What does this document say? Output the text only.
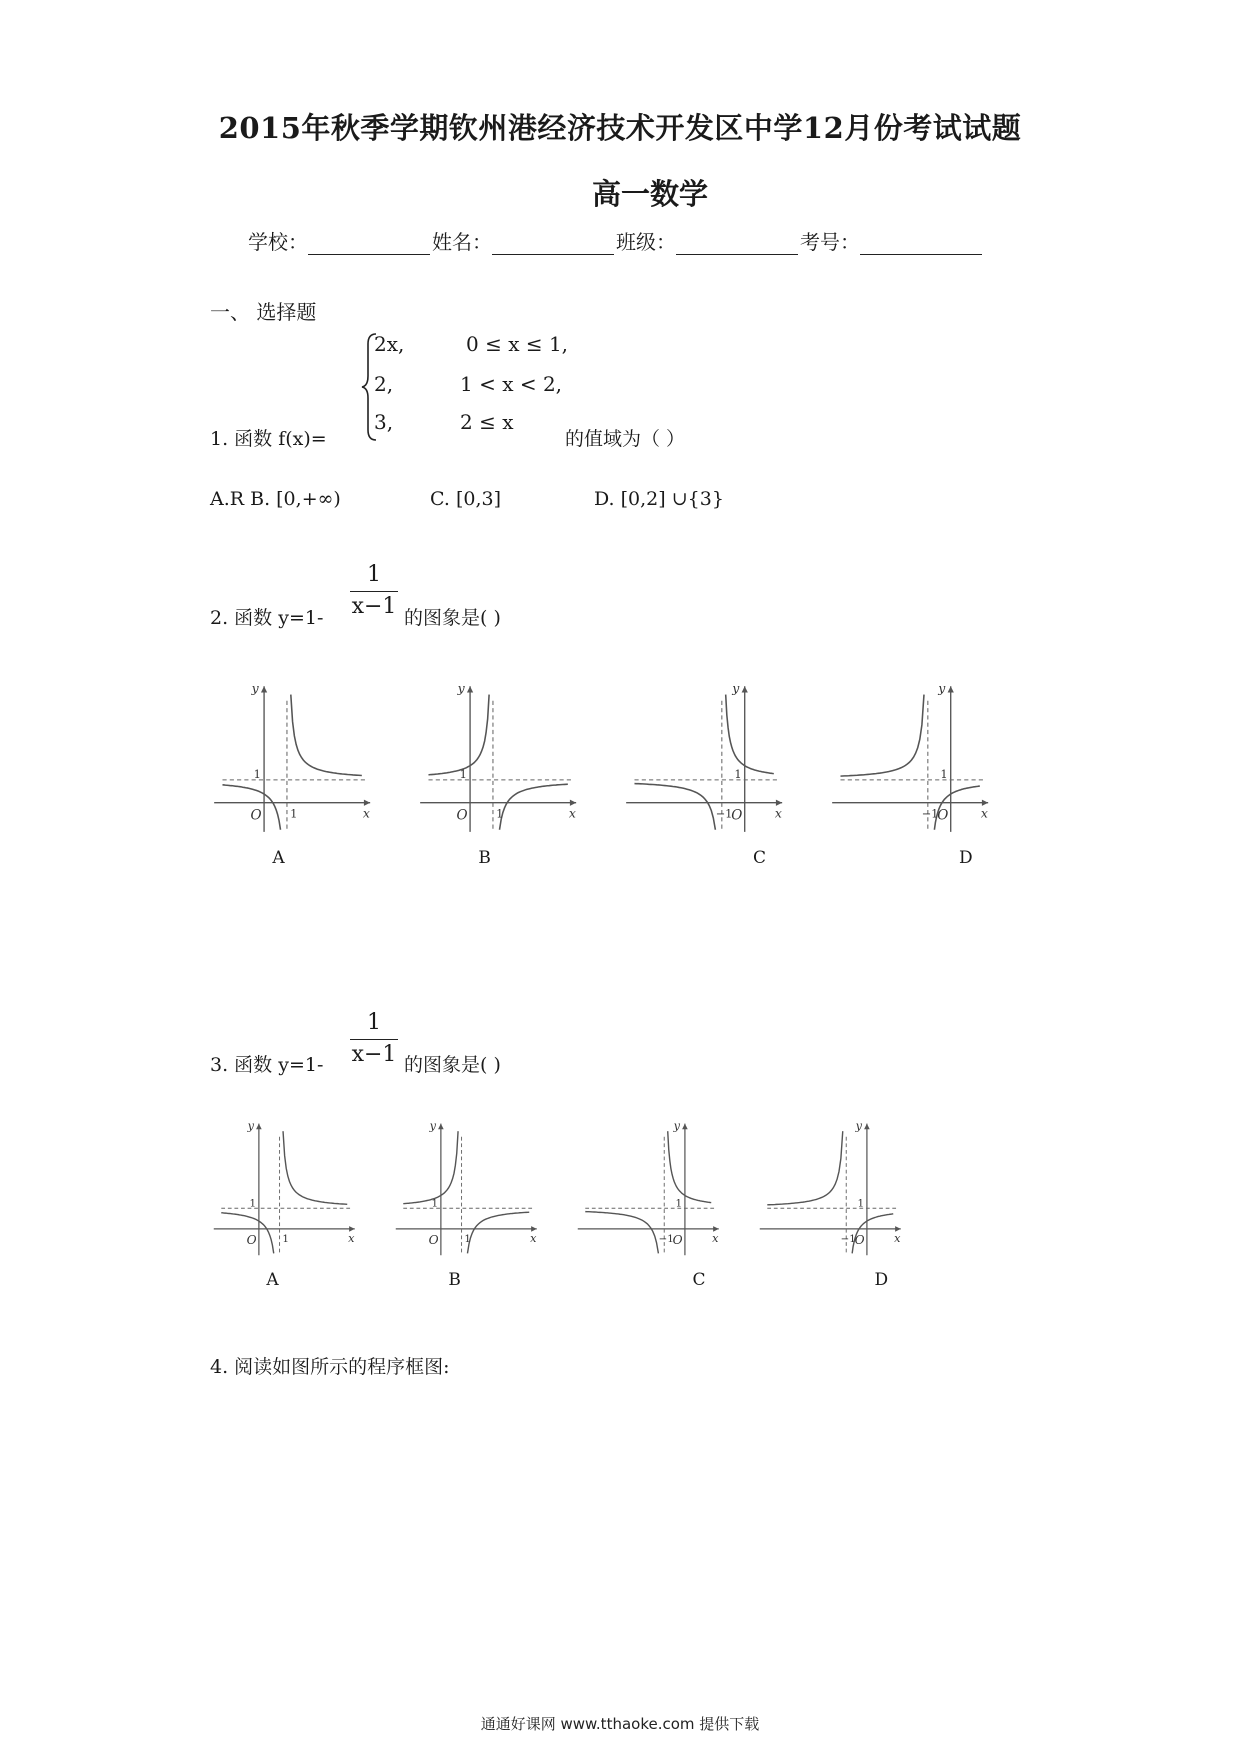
2015年秋季学期钦州港经济技术开发区中学12月份考试试题
高一数学
学校：	姓名：	班级：	考号：
一、 选择题
1. 函数 f(x)=
2x,	0 ≤ x ≤ 1,
2,	1 < x < 2,
3,	2 ≤ x
的值域为（ ）
A.R B. [0,+∞)	C. [0,3]	D. [0,2] ∪{3}
2. 函数 y=1-
1
x−1 的图象是( )
y
x
O
1
1
A
y
x
O
1
1
B
y
x
O
1
−1
C
y
x
O
1
−1
D
3. 函数 y=1-
1
x−1 的图象是( )
y
x
O
1
1
A
y
x
O
1
1
B
y
x
O
1
−1
C
y
x
O
1
−1
D
4. 阅读如图所示的程序框图:
通通好课网 www.tthaoke.com 提供下载
